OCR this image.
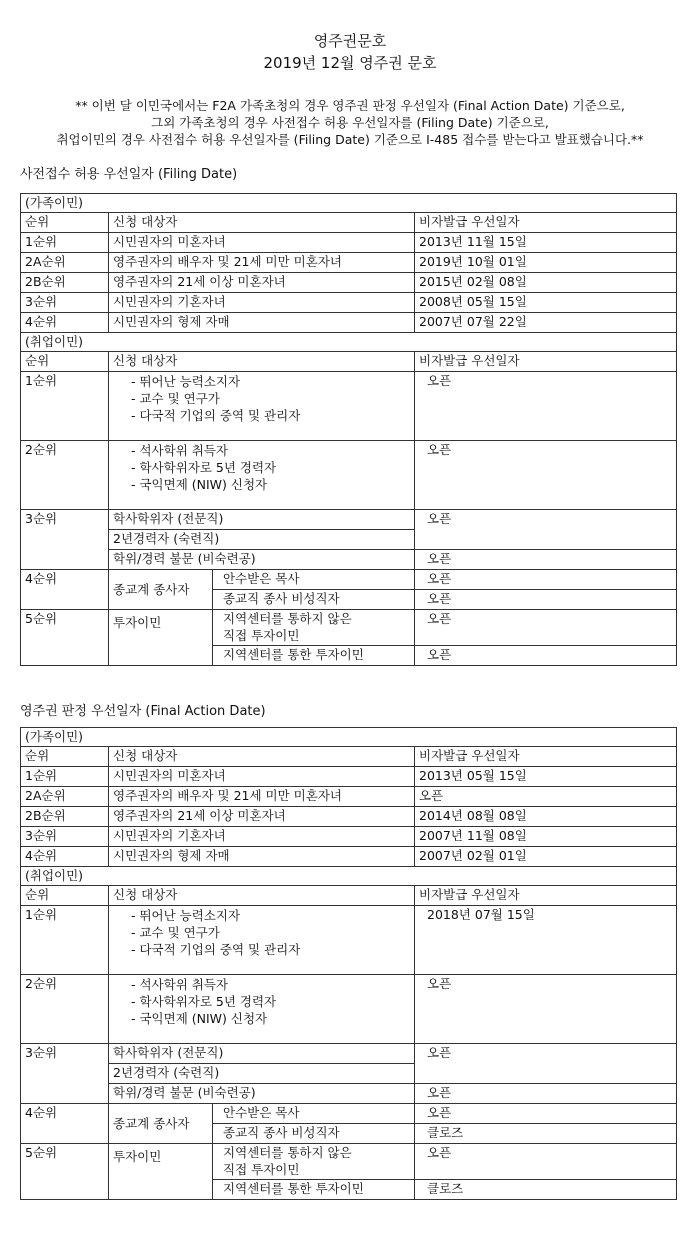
영주권문호
2019년 12월 영주권 문호
** 이번 달 이민국에서는 F2A 가족초청의 경우 영주권 판정 우선일자 (Final Action Date) 기준으로,
그외 가족초청의 경우 사전접수 허용 우선일자를 (Filing Date) 기준으로,
취업이민의 경우 사전접수 허용 우선일자를 (Filing Date) 기준으로 I-485 접수를 받는다고 발표했습니다.**
사전접수 허용 우선일자 (Filing Date)
(가족이민)			
순위	신청 대상자		비자발급 우선일자
1순위	시민권자의 미혼자녀		2013년 11월 15일
2A순위	영주권자의 배우자 및 21세 미만 미혼자녀		2019년 10월 01일
2B순위	영주권자의 21세 이상 미혼자녀		2015년 02월 08일
3순위	시민권자의 기혼자녀		2008년 05월 15일
4순위	시민권자의 형제 자매		2007년 07월 22일
(취업이민)			
순위	신청 대상자		비자발급 우선일자
1순위	- 뛰어난 능력소지자
- 교수 및 연구가
- 다국적 기업의 중역 및 관리자		오픈
2순위	- 석사학위 취득자
- 학사학위자로 5년 경력자
- 국익면제 (NIW) 신청자		오픈
3순위	학사학위자 (전문직)		오픈
	2년경력자 (숙련직)		
	학위/경력 불문 (비숙련공)		오픈
4순위	종교계 종사자	안수받은 목사	오픈
		종교직 종사 비성직자	오픈
5순위	투자이민	지역센터를 통하지 않은
직접 투자이민	오픈
		지역센터를 통한 투자이민	오픈
영주권 판정 우선일자 (Final Action Date)
(가족이민)			
순위	신청 대상자		비자발급 우선일자
1순위	시민권자의 미혼자녀		2013년 05월 15일
2A순위	영주권자의 배우자 및 21세 미만 미혼자녀		오픈
2B순위	영주권자의 21세 이상 미혼자녀		2014년 08월 08일
3순위	시민권자의 기혼자녀		2007년 11월 08일
4순위	시민권자의 형제 자매		2007년 02월 01일
(취업이민)			
순위	신청 대상자		비자발급 우선일자
1순위	- 뛰어난 능력소지자
- 교수 및 연구가
- 다국적 기업의 중역 및 관리자		2018년 07월 15일
2순위	- 석사학위 취득자
- 학사학위자로 5년 경력자
- 국익면제 (NIW) 신청자		오픈
3순위	학사학위자 (전문직)		오픈
	2년경력자 (숙련직)		
	학위/경력 불문 (비숙련공)		오픈
4순위	종교계 종사자	안수받은 목사	오픈
		종교직 종사 비성직자	클로즈
5순위	투자이민	지역센터를 통하지 않은
직접 투자이민	오픈
		지역센터를 통한 투자이민	클로즈
